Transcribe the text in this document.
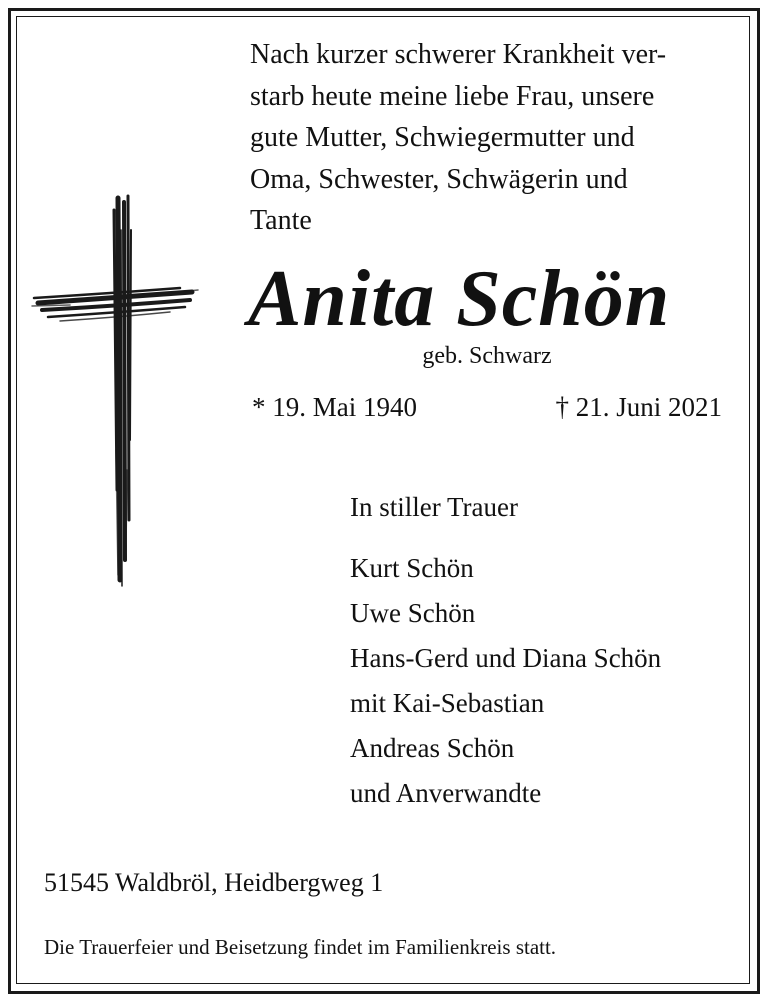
Nach kurzer schwerer Krankheit ver-
starb heute meine liebe Frau, unsere
gute Mutter, Schwiegermutter und
Oma, Schwester, Schwägerin und
Tante

Anita Schön
geb. Schwarz
* 19. Mai 1940	† 21. Juni 2021
In stiller Trauer
Kurt Schön
Uwe Schön
Hans-Gerd und Diana Schön
mit Kai-Sebastian
Andreas Schön
und Anverwandte
51545 Waldbröl, Heidbergweg 1
Die Trauerfeier und Beisetzung findet im Familienkreis statt.
